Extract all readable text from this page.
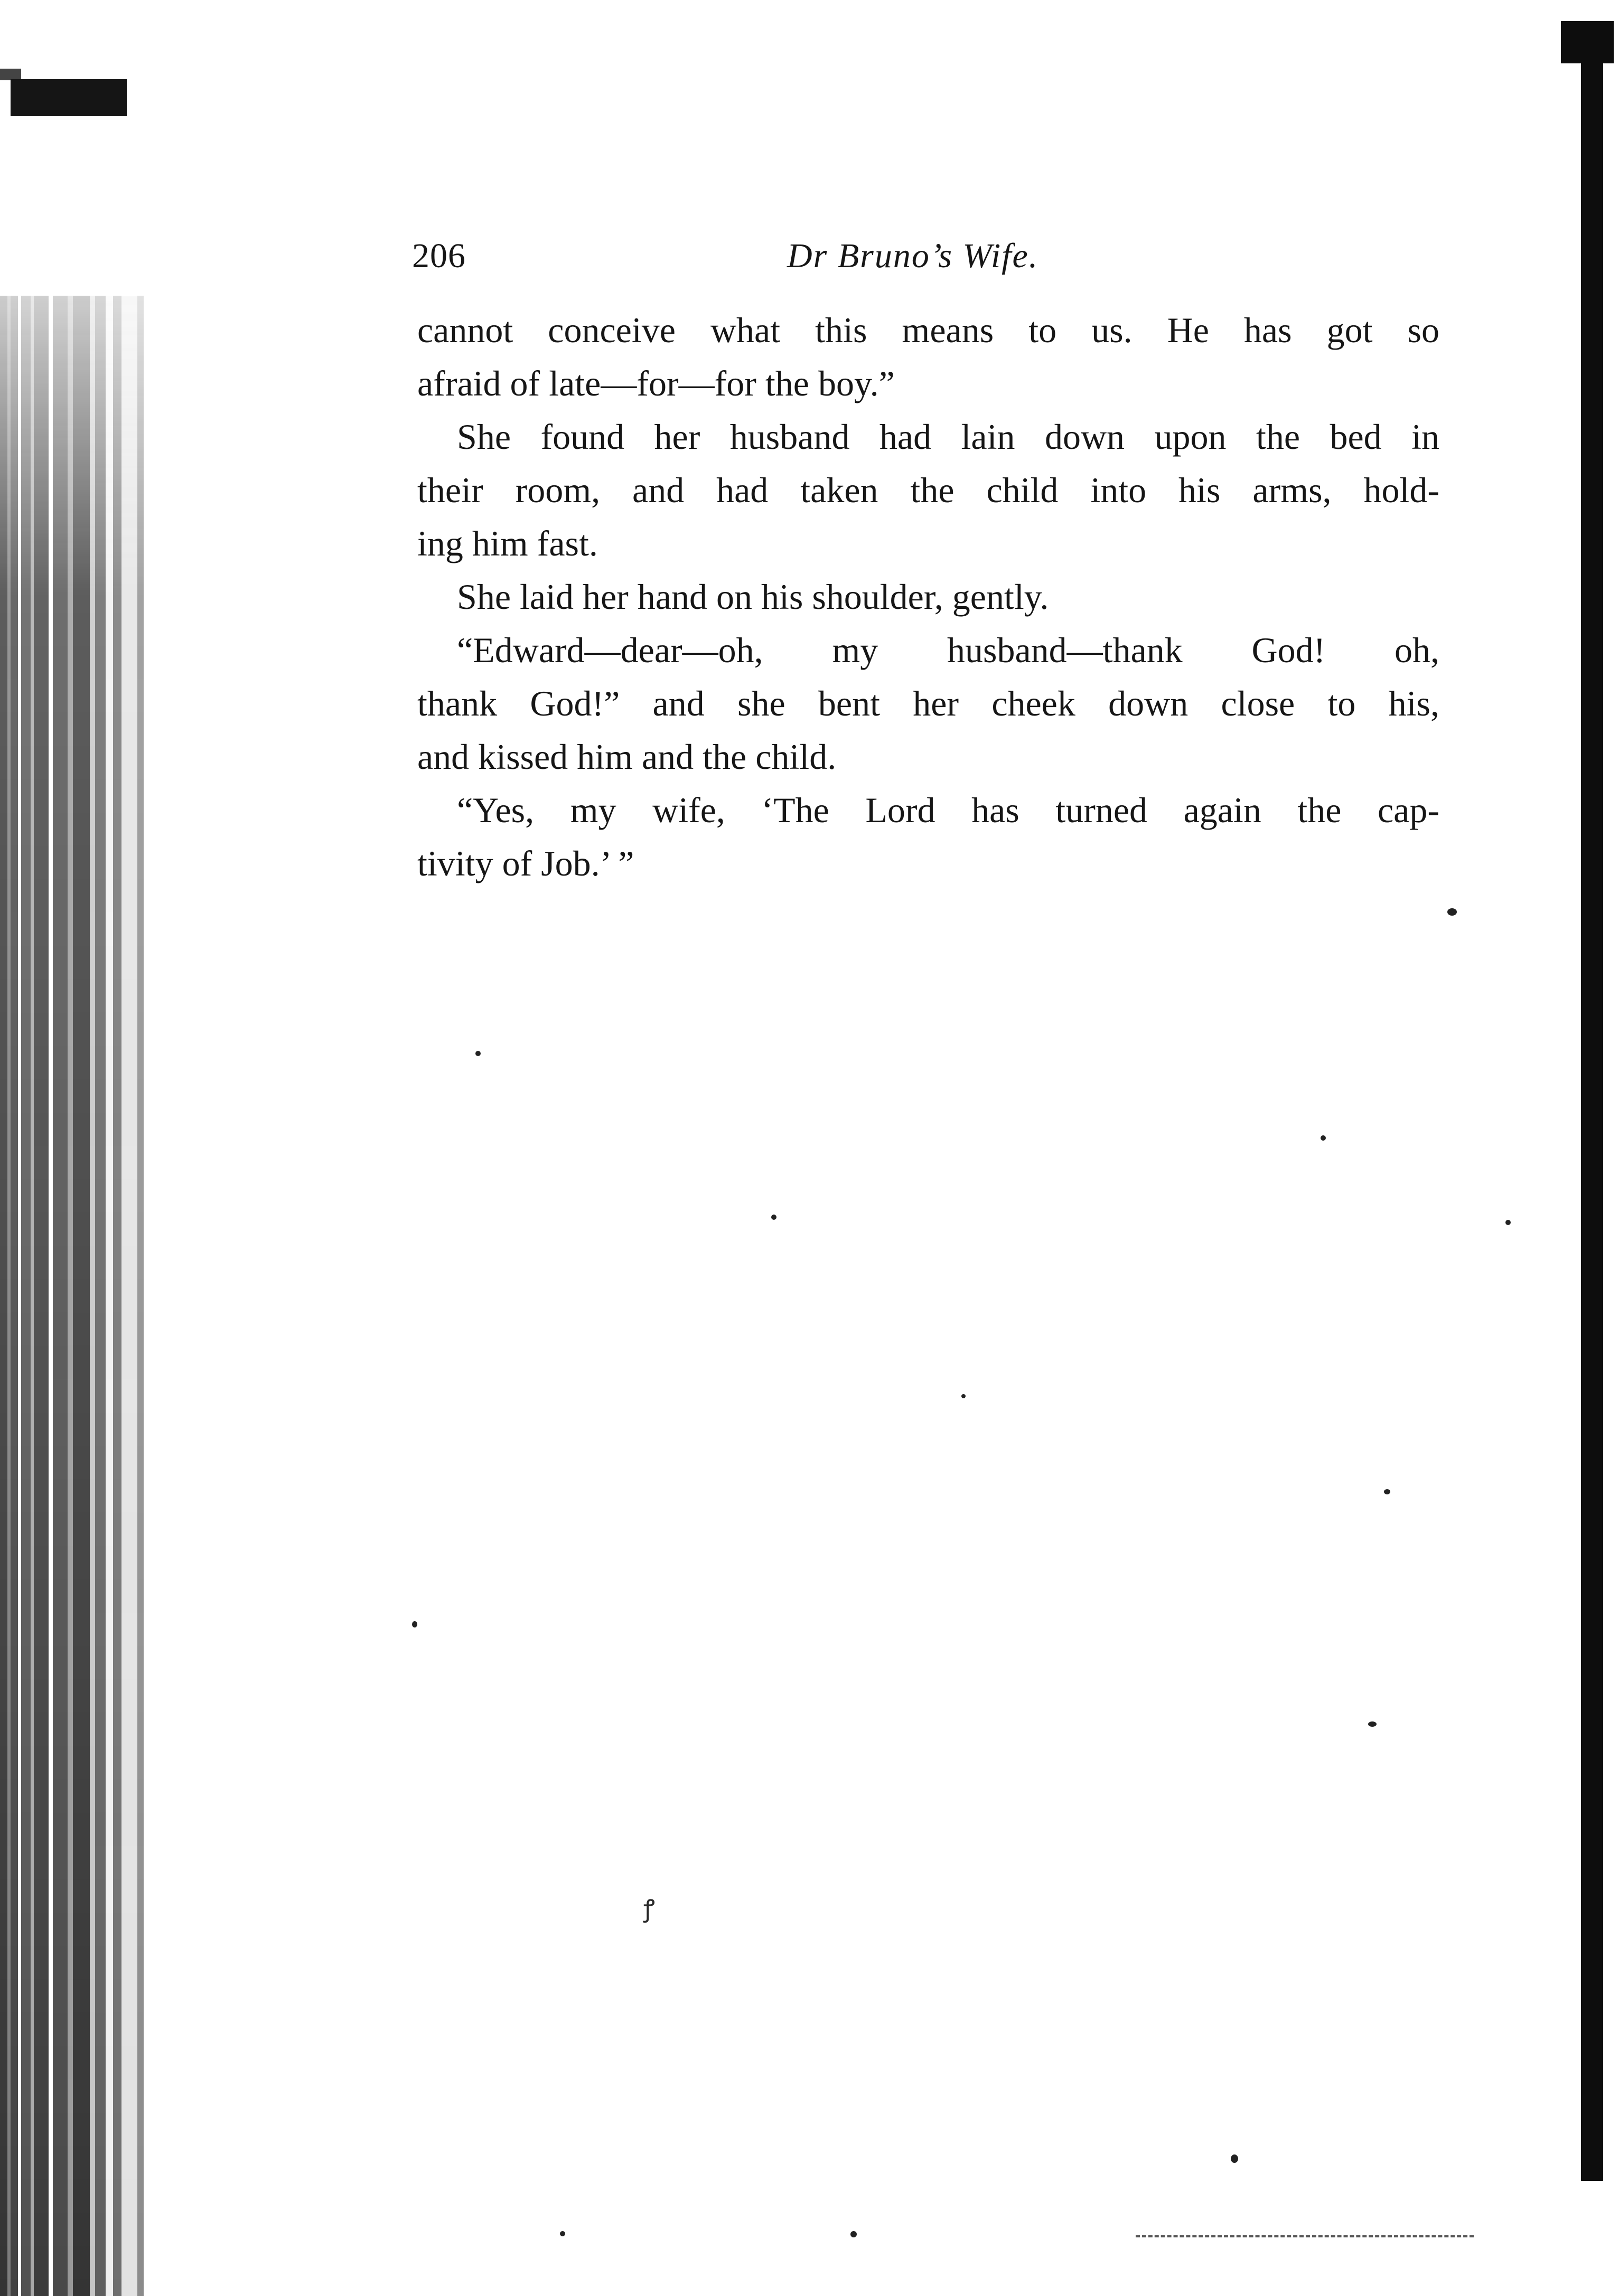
206	Dr Bruno’s Wife.
cannot conceive what this means to us. He has got so
afraid of late—for—for the boy.”
She found her husband had lain down upon the bed in
their room, and had taken the child into his arms, hold-
ing him fast.
She laid her hand on his shoulder, gently.
“Edward—dear—oh, my husband—thank God! oh,
thank God!” and she bent her cheek down close to his,
and kissed him and the child.
“Yes, my wife, ‘The Lord has turned again the cap-
tivity of Job.’ ”
ꝭ
